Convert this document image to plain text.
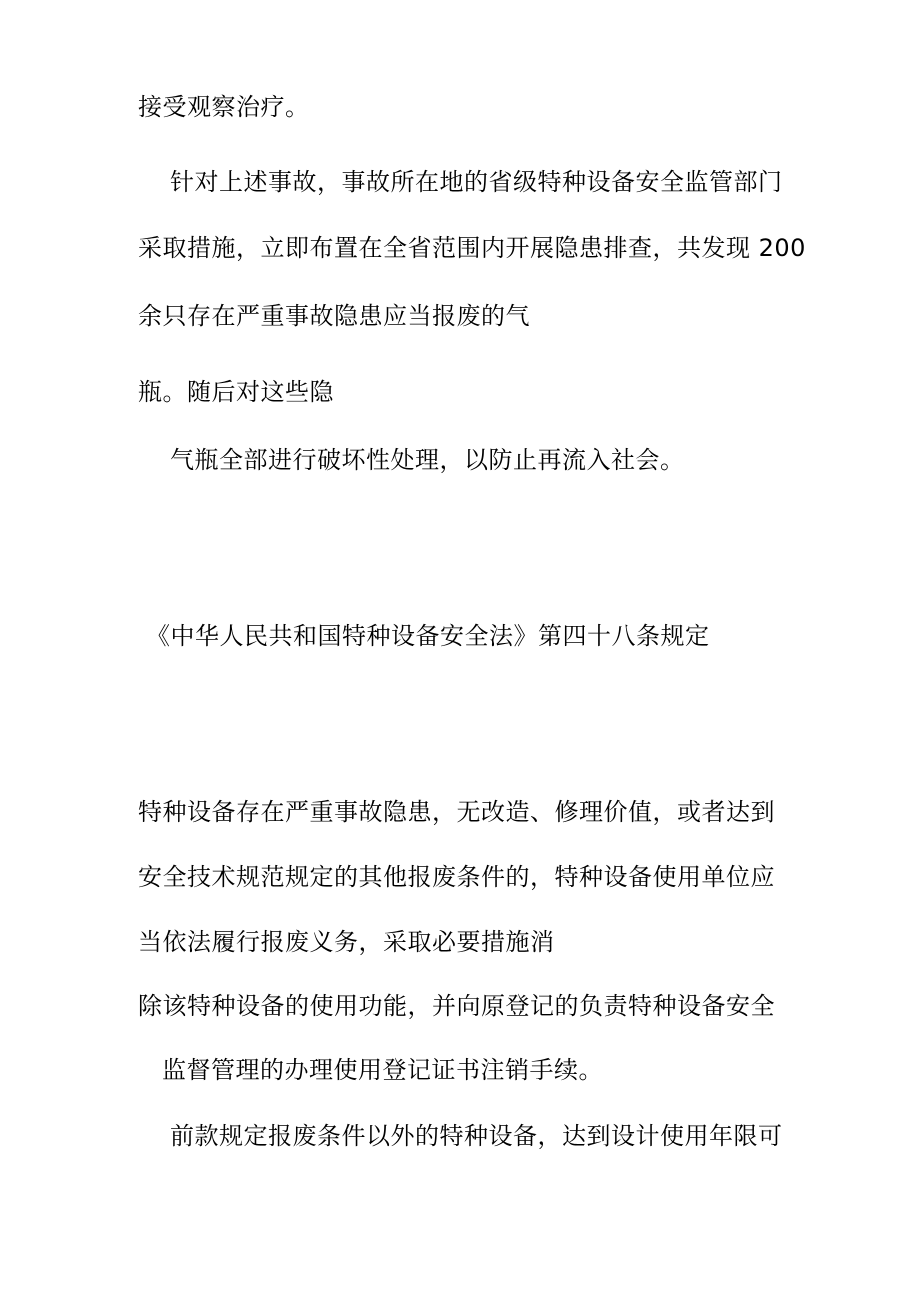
接受观察治疗。
针对上述事故，事故所在地的省级特种设备安全监管部门
采取措施，立即布置在全省范围内开展隐患排查，共发现 200
余只存在严重事故隐患应当报废的气
瓶。随后对这些隐
气瓶全部进行破坏性处理，以防止再流入社会。
《中华人民共和国特种设备安全法》第四十八条规定
特种设备存在严重事故隐患，无改造、修理价值，或者达到
安全技术规范规定的其他报废条件的，特种设备使用单位应
当依法履行报废义务，采取必要措施消
除该特种设备的使用功能，并向原登记的负责特种设备安全
监督管理的办理使用登记证书注销手续。
前款规定报废条件以外的特种设备，达到设计使用年限可
